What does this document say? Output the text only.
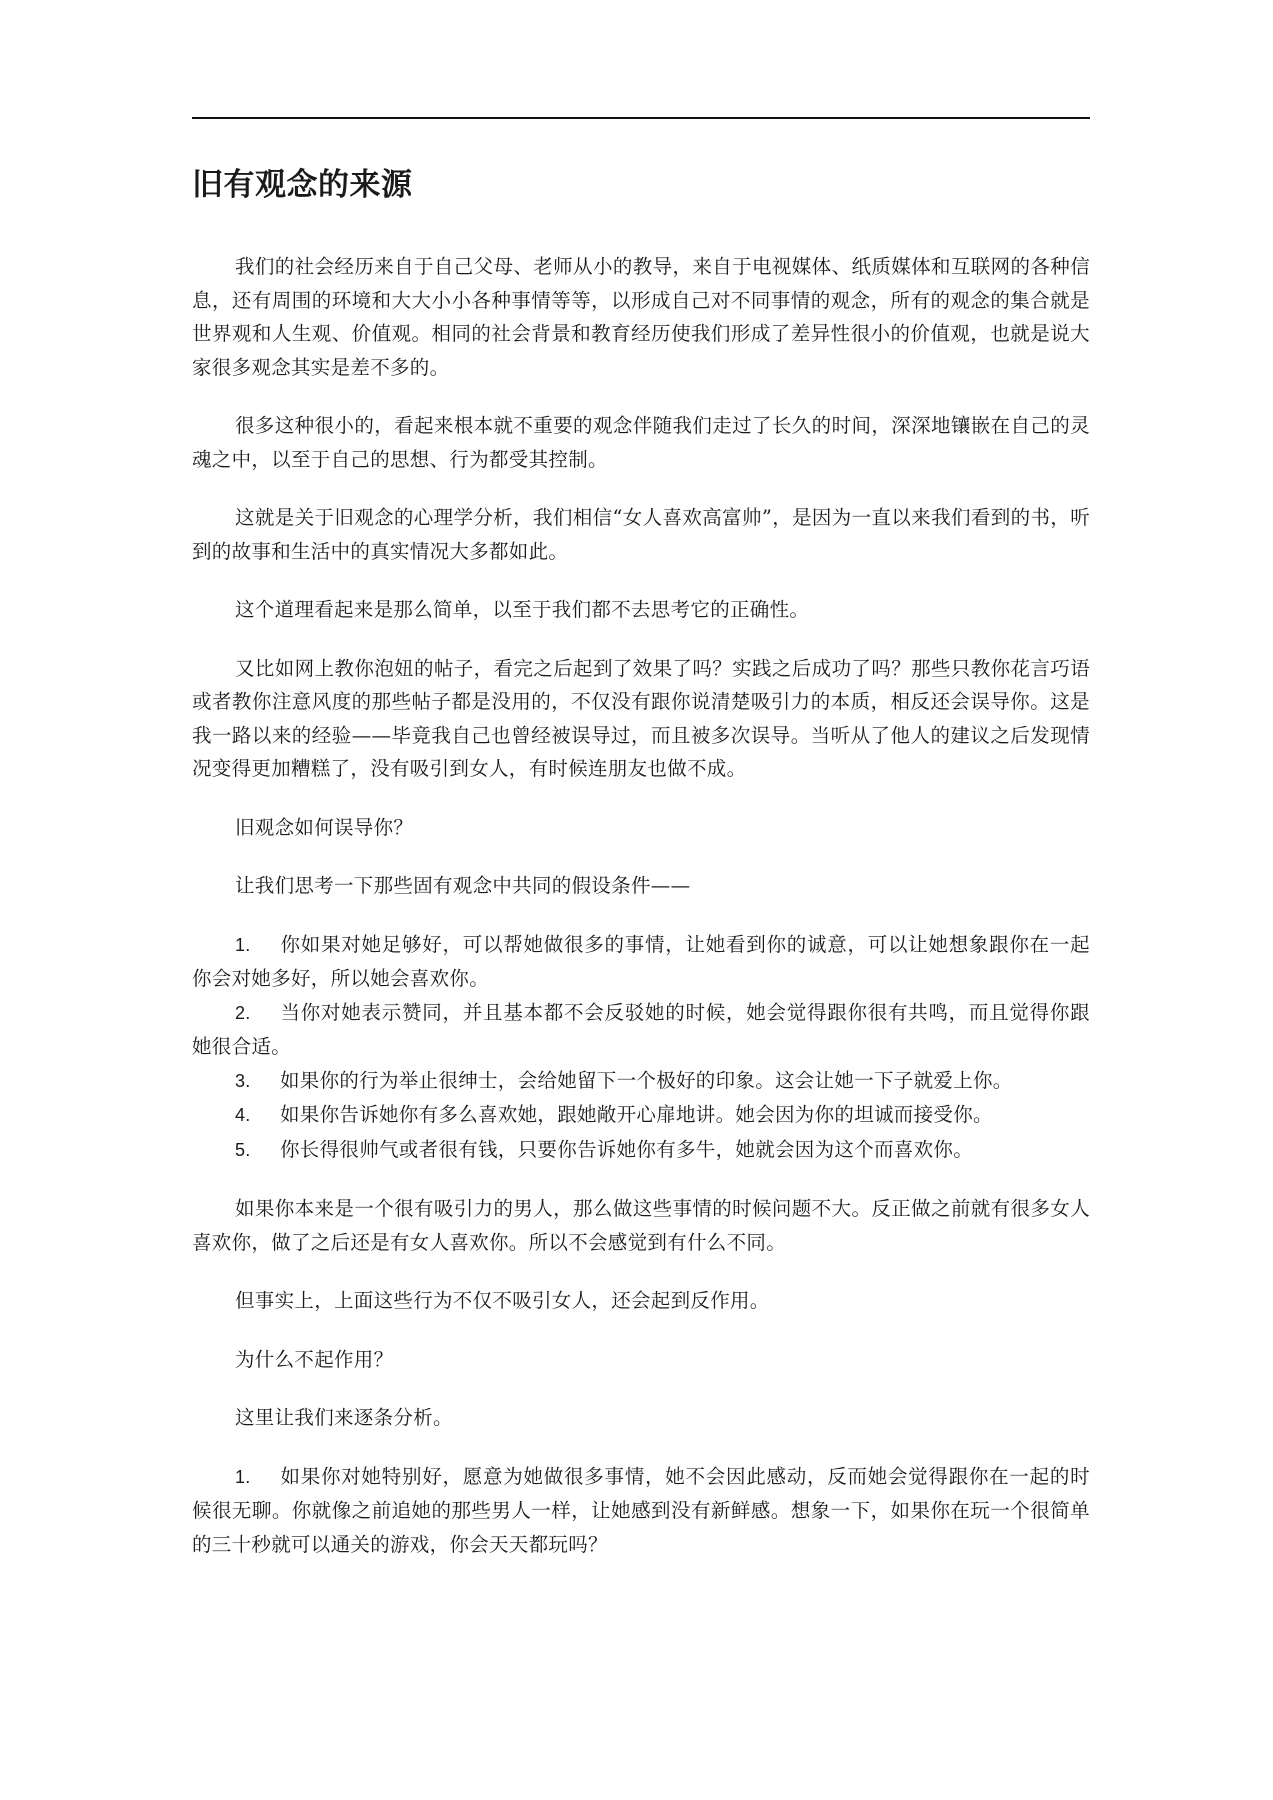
旧有观念的来源

我们的社会经历来自于自己父母、老师从小的教导，来自于电视媒体、纸质媒体和互联网的各种信息，还有周围的环境和大大小小各种事情等等，以形成自己对不同事情的观念，所有的观念的集合就是世界观和人生观、价值观。相同的社会背景和教育经历使我们形成了差异性很小的价值观，也就是说大家很多观念其实是差不多的。

很多这种很小的，看起来根本就不重要的观念伴随我们走过了长久的时间，深深地镶嵌在自己的灵魂之中，以至于自己的思想、行为都受其控制。

这就是关于旧观念的心理学分析，我们相信“女人喜欢高富帅”，是因为一直以来我们看到的书，听到的故事和生活中的真实情况大多都如此。

这个道理看起来是那么简单，以至于我们都不去思考它的正确性。

又比如网上教你泡妞的帖子，看完之后起到了效果了吗？实践之后成功了吗？那些只教你花言巧语或者教你注意风度的那些帖子都是没用的，不仅没有跟你说清楚吸引力的本质，相反还会误导你。这是我一路以来的经验——毕竟我自己也曾经被误导过，而且被多次误导。当听从了他人的建议之后发现情况变得更加糟糕了，没有吸引到女人，有时候连朋友也做不成。

旧观念如何误导你？

让我们思考一下那些固有观念中共同的假设条件——

1. 你如果对她足够好，可以帮她做很多的事情，让她看到你的诚意，可以让她想象跟你在一起你会对她多好，所以她会喜欢你。
2. 当你对她表示赞同，并且基本都不会反驳她的时候，她会觉得跟你很有共鸣，而且觉得你跟她很合适。
3. 如果你的行为举止很绅士，会给她留下一个极好的印象。这会让她一下子就爱上你。
4. 如果你告诉她你有多么喜欢她，跟她敞开心扉地讲。她会因为你的坦诚而接受你。
5. 你长得很帅气或者很有钱，只要你告诉她你有多牛，她就会因为这个而喜欢你。

如果你本来是一个很有吸引力的男人，那么做这些事情的时候问题不大。反正做之前就有很多女人喜欢你，做了之后还是有女人喜欢你。所以不会感觉到有什么不同。

但事实上，上面这些行为不仅不吸引女人，还会起到反作用。

为什么不起作用？

这里让我们来逐条分析。

1. 如果你对她特别好，愿意为她做很多事情，她不会因此感动，反而她会觉得跟你在一起的时候很无聊。你就像之前追她的那些男人一样，让她感到没有新鲜感。想象一下，如果你在玩一个很简单的三十秒就可以通关的游戏，你会天天都玩吗？
